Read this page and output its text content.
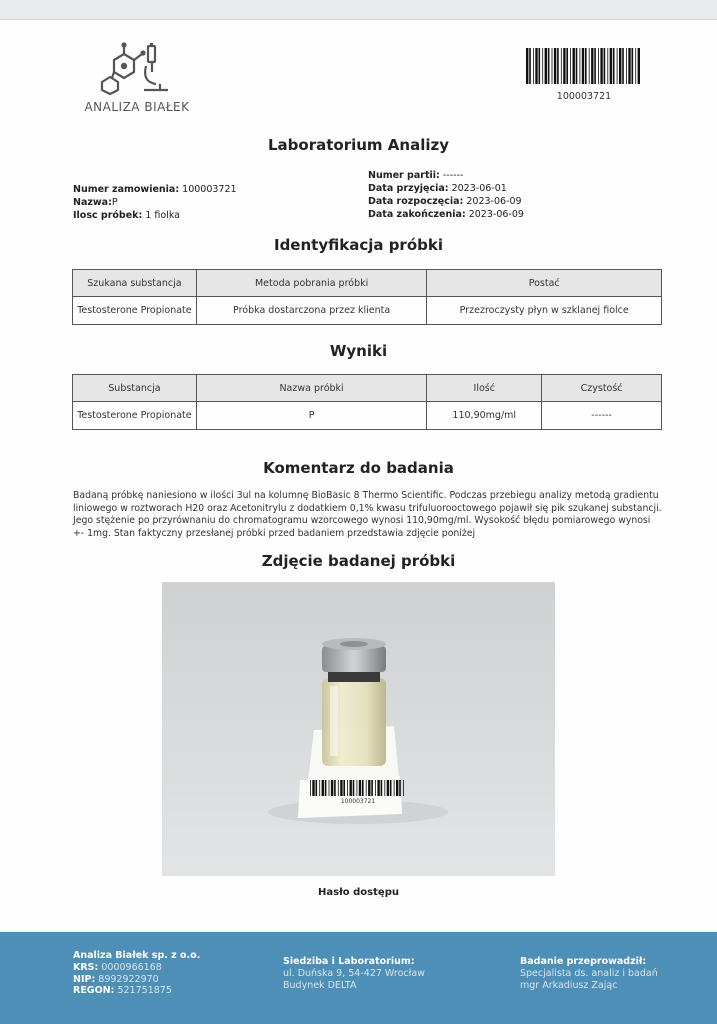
ANALIZA BIAŁEK
100003721
Laboratorium Analizy
Numer partii: ------
Data przyjęcia: 2023-06-01
Data rozpoczęcia: 2023-06-09
Data zakończenia: 2023-06-09
Numer zamowienia: 100003721
Nazwa:P
Ilosc próbek: 1 fiolka
Identyfikacja próbki
Szukana substancja	Metoda pobrania próbki	Postać
Testosterone Propionate	Próbka dostarczona przez klienta	Przezroczysty płyn w szklanej fiolce
Wyniki
Substancja	Nazwa próbki	Ilość	Czystość
Testosterone Propionate	P	110,90mg/ml	------
Komentarz do badania
Badaną próbkę naniesiono w ilości 3ul na kolumnę BioBasic 8 Thermo Scientific. Podczas przebiegu analizy metodą gradientu liniowego w roztworach H20 oraz Acetonitrylu z dodatkiem 0,1% kwasu trifuluorooctowego pojawił się pik szukanej substancji. Jego stężenie po przyrównaniu do chromatogramu wzorcowego wynosi 110,90mg/ml. Wysokość błędu pomiarowego wynosi +- 1mg. Stan faktyczny przesłanej próbki przed badaniem przedstawia zdjęcie poniżej
Zdjęcie badanej próbki
100003721
Hasło dostępu
Analiza Białek sp. z o.o.
KRS: 0000966168
NIP: 8992922970
REGON: 521751875
Siedziba i Laboratorium:
ul. Duńska 9, 54-427 Wrocław
Budynek DELTA
Badanie przeprowadził:
Specjalista ds. analiz i badań
mgr Arkadiusz Zając
